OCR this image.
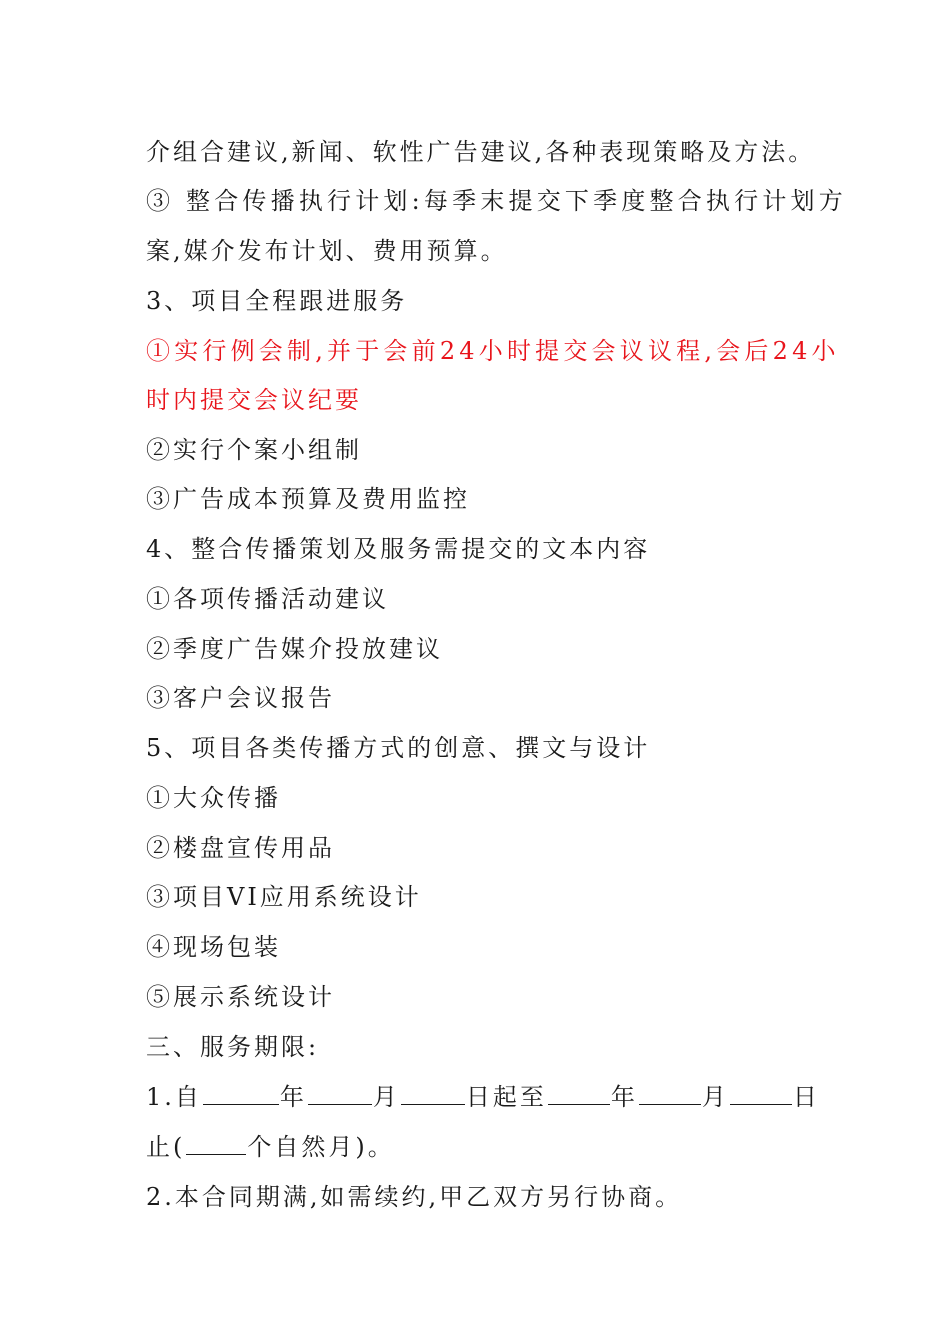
介组合建议,新闻、软性广告建议,各种表现策略及方法。
③ 整合传播执行计划:每季末提交下季度整合执行计划方
案,媒介发布计划、费用预算。
3、项目全程跟进服务
①实行例会制,并于会前24小时提交会议议程,会后24小
时内提交会议纪要
②实行个案小组制
③广告成本预算及费用监控
4、整合传播策划及服务需提交的文本内容
①各项传播活动建议
②季度广告媒介投放建议
③客户会议报告
5、项目各类传播方式的创意、撰文与设计
①大众传播
②楼盘宣传用品
③项目VI应用系统设计
④现场包装
⑤展示系统设计
三、服务期限:
1.自	年	月	日起至	年	月	日
止(	个自然月)。
2.本合同期满,如需续约,甲乙双方另行协商。
